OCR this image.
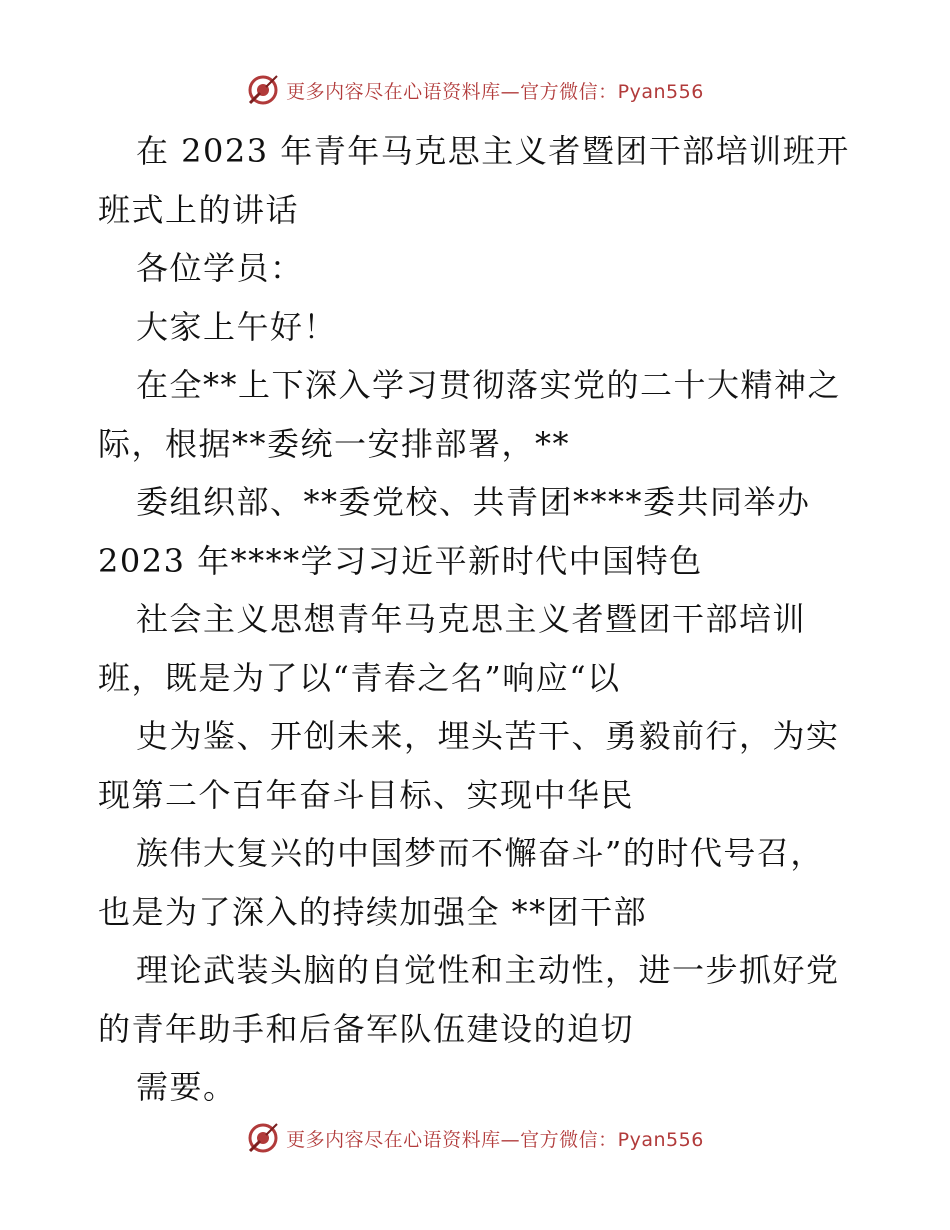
更多内容尽在心语资料库—官方微信：Pyan556
在 2023 年青年马克思主义者暨团干部培训班开
班式上的讲话
各位学员：
大家上午好！
在全**上下深入学习贯彻落实党的二十大精神之
际，根据**委统一安排部署，**
委组织部、**委党校、共青团****委共同举办
2023 年****学习习近平新时代中国特色
社会主义思想青年马克思主义者暨团干部培训
班，既是为了以“青春之名”响应“以
史为鉴、开创未来，埋头苦干、勇毅前行，为实
现第二个百年奋斗目标、实现中华民
族伟大复兴的中国梦而不懈奋斗”的时代号召，
也是为了深入的持续加强全 **团干部
理论武装头脑的自觉性和主动性，进一步抓好党
的青年助手和后备军队伍建设的迫切
需要。
更多内容尽在心语资料库—官方微信：Pyan556
